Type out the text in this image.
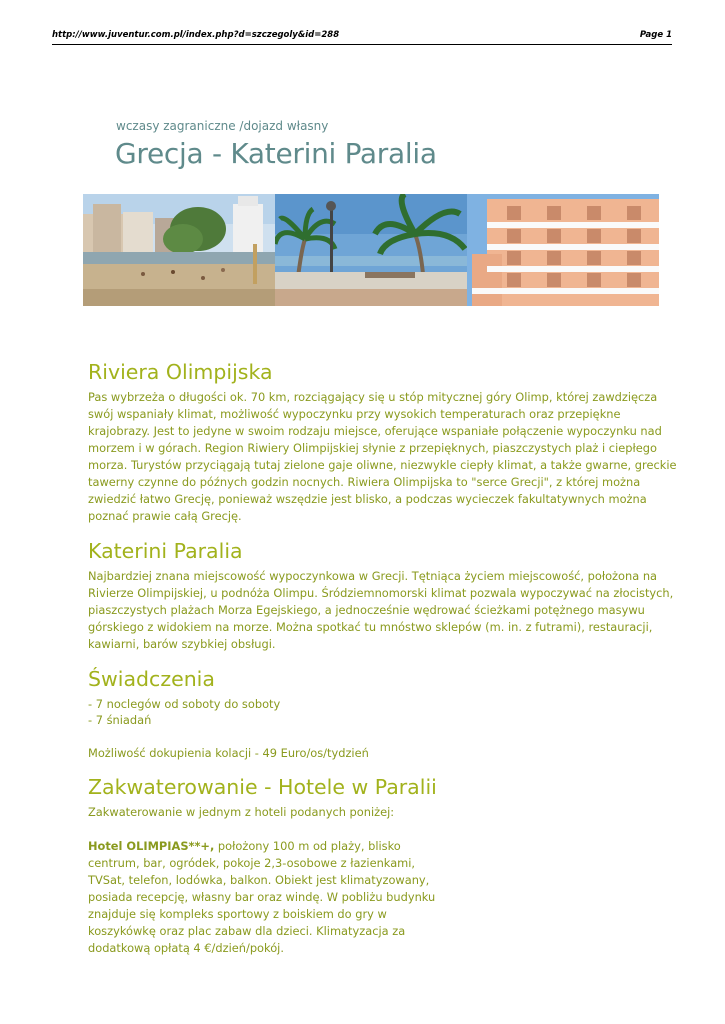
http://www.juventur.com.pl/index.php?d=szczegoly&id=288	Page 1
wczasy zagraniczne /dojazd własny
Grecja - Katerini Paralia
Riviera Olimpijska

Pas wybrzeża o długości ok. 70 km, rozciągający się u stóp mitycznej góry Olimp, której zawdzięcza swój wspaniały klimat, możliwość wypoczynku przy wysokich temperaturach oraz przepiękne krajobrazy. Jest to jedyne w swoim rodzaju miejsce, oferujące wspaniałe połączenie wypoczynku nad morzem i w górach. Region Riwiery Olimpijskiej słynie z przepięknych, piaszczystych plaż i ciepłego morza. Turystów przyciągają tutaj zielone gaje oliwne, niezwykle ciepły klimat, a także gwarne, greckie tawerny czynne do późnych godzin nocnych. Riwiera Olimpijska to "serce Grecji", z której można zwiedzić łatwo Grecję, ponieważ wszędzie jest blisko, a podczas wycieczek fakultatywnych można poznać prawie całą Grecję.

Katerini Paralia

Najbardziej znana miejscowość wypoczynkowa w Grecji. Tętniąca życiem miejscowość, położona na Rivierze Olimpijskiej, u podnóża Olimpu. Śródziemnomorski klimat pozwala wypoczywać na złocistych, piaszczystych plażach Morza Egejskiego, a jednocześnie wędrować ścieżkami potężnego masywu górskiego z widokiem na morze. Można spotkać tu mnóstwo sklepów (m. in. z futrami), restauracji, kawiarni, barów szybkiej obsługi.

Świadczenia
- 7 noclegów od soboty do soboty
- 7 śniadań
Możliwość dokupienia kolacji - 49 Euro/os/tydzień
Zakwaterowanie - Hotele w Paralii

Zakwaterowanie w jednym z hoteli podanych poniżej:

Hotel OLIMPIAS**+, położony 100 m od plaży, blisko centrum, bar, ogródek, pokoje 2,3-osobowe z łazienkami, TVSat, telefon, lodówka, balkon. Obiekt jest klimatyzowany, posiada recepcję, własny bar oraz windę. W pobliżu budynku znajduje się kompleks sportowy z boiskiem do gry w koszykówkę oraz plac zabaw dla dzieci. Klimatyzacja za dodatkową opłatą 4 €/dzień/pokój.
